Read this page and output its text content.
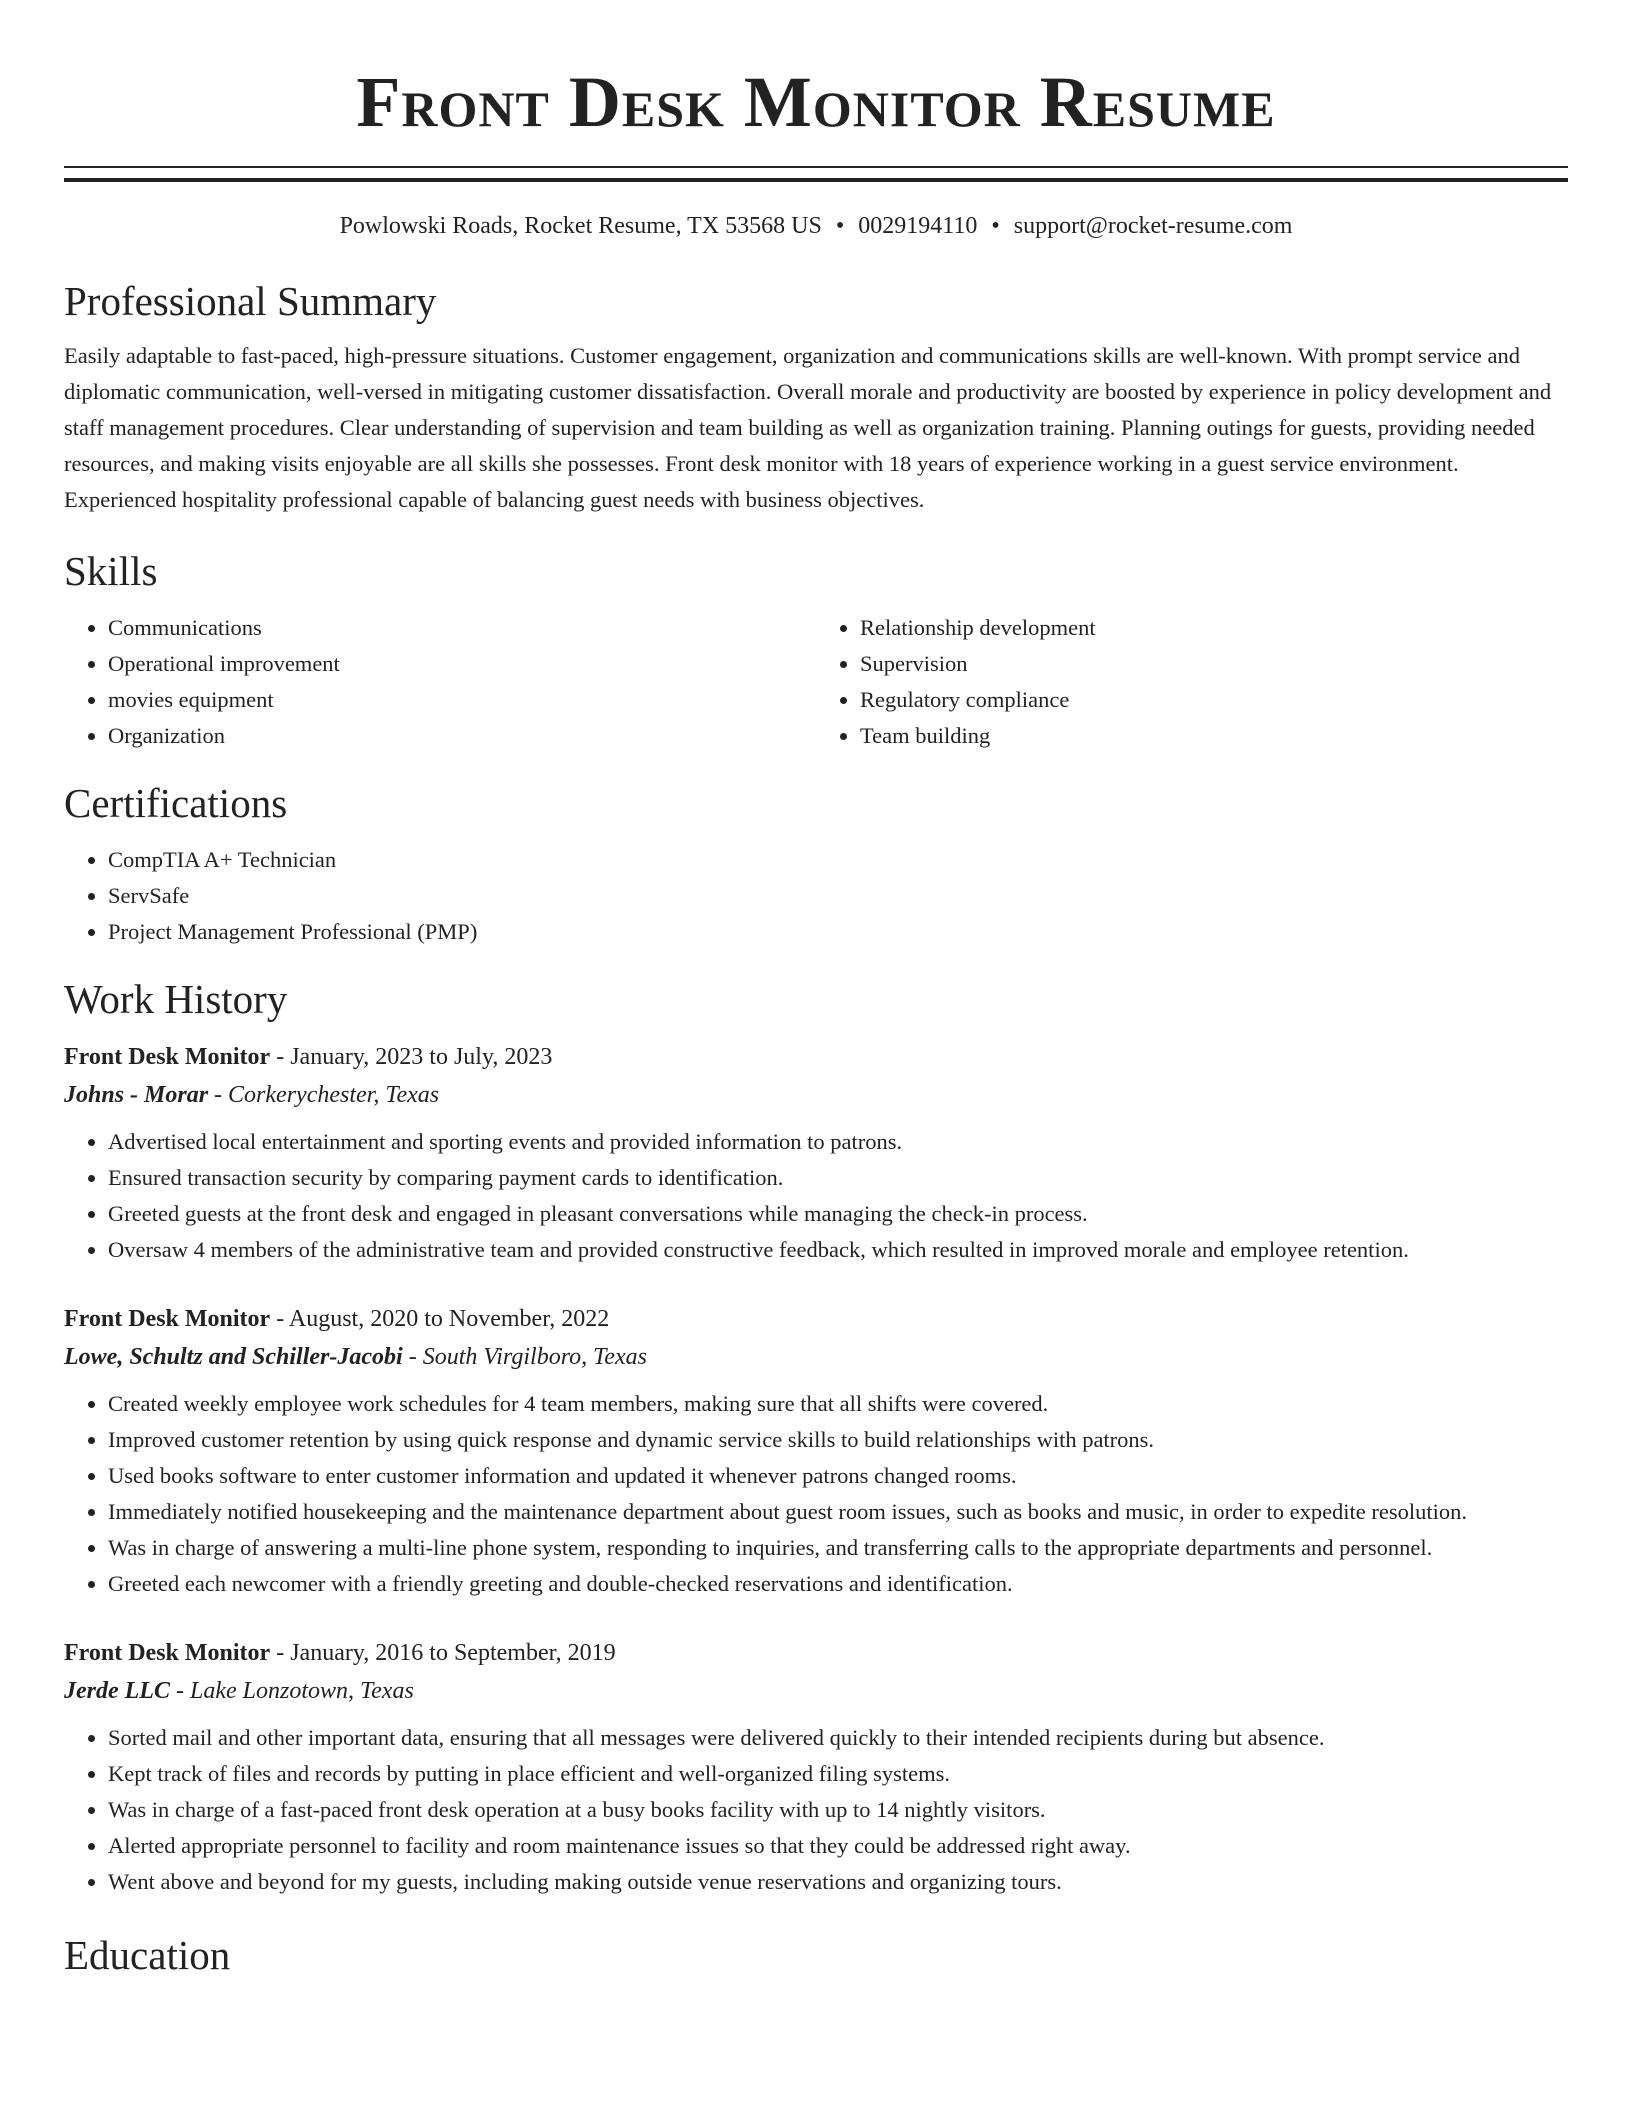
Front Desk Monitor Resume
Powlowski Roads, Rocket Resume, TX 53568 US • 0029194110 • support@rocket-resume.com
Professional Summary

Easily adaptable to fast-paced, high-pressure situations. Customer engagement, organization and communications skills are well-known. With prompt service and diplomatic communication, well-versed in mitigating customer dissatisfaction. Overall morale and productivity are boosted by experience in policy development and staff management procedures. Clear understanding of supervision and team building as well as organization training. Planning outings for guests, providing needed resources, and making visits enjoyable are all skills she possesses. Front desk monitor with 18 years of experience working in a guest service environment. Experienced hospitality professional capable of balancing guest needs with business objectives.

Skills
• Communications
• Operational improvement
• movies equipment
• Organization
• Relationship development
• Supervision
• Regulatory compliance
• Team building
Certifications
• CompTIA A+ Technician
• ServSafe
• Project Management Professional (PMP)
Work History
Front Desk Monitor - January, 2023 to July, 2023
Johns - Morar - Corkerychester, Texas
• Advertised local entertainment and sporting events and provided information to patrons.
• Ensured transaction security by comparing payment cards to identification.
• Greeted guests at the front desk and engaged in pleasant conversations while managing the check-in process.
• Oversaw 4 members of the administrative team and provided constructive feedback, which resulted in improved morale and employee retention.
Front Desk Monitor - August, 2020 to November, 2022
Lowe, Schultz and Schiller-Jacobi - South Virgilboro, Texas
• Created weekly employee work schedules for 4 team members, making sure that all shifts were covered.
• Improved customer retention by using quick response and dynamic service skills to build relationships with patrons.
• Used books software to enter customer information and updated it whenever patrons changed rooms.
• Immediately notified housekeeping and the maintenance department about guest room issues, such as books and music, in order to expedite resolution.
• Was in charge of answering a multi-line phone system, responding to inquiries, and transferring calls to the appropriate departments and personnel.
• Greeted each newcomer with a friendly greeting and double-checked reservations and identification.
Front Desk Monitor - January, 2016 to September, 2019
Jerde LLC - Lake Lonzotown, Texas
• Sorted mail and other important data, ensuring that all messages were delivered quickly to their intended recipients during but absence.
• Kept track of files and records by putting in place efficient and well-organized filing systems.
• Was in charge of a fast-paced front desk operation at a busy books facility with up to 14 nightly visitors.
• Alerted appropriate personnel to facility and room maintenance issues so that they could be addressed right away.
• Went above and beyond for my guests, including making outside venue reservations and organizing tours.
Education
